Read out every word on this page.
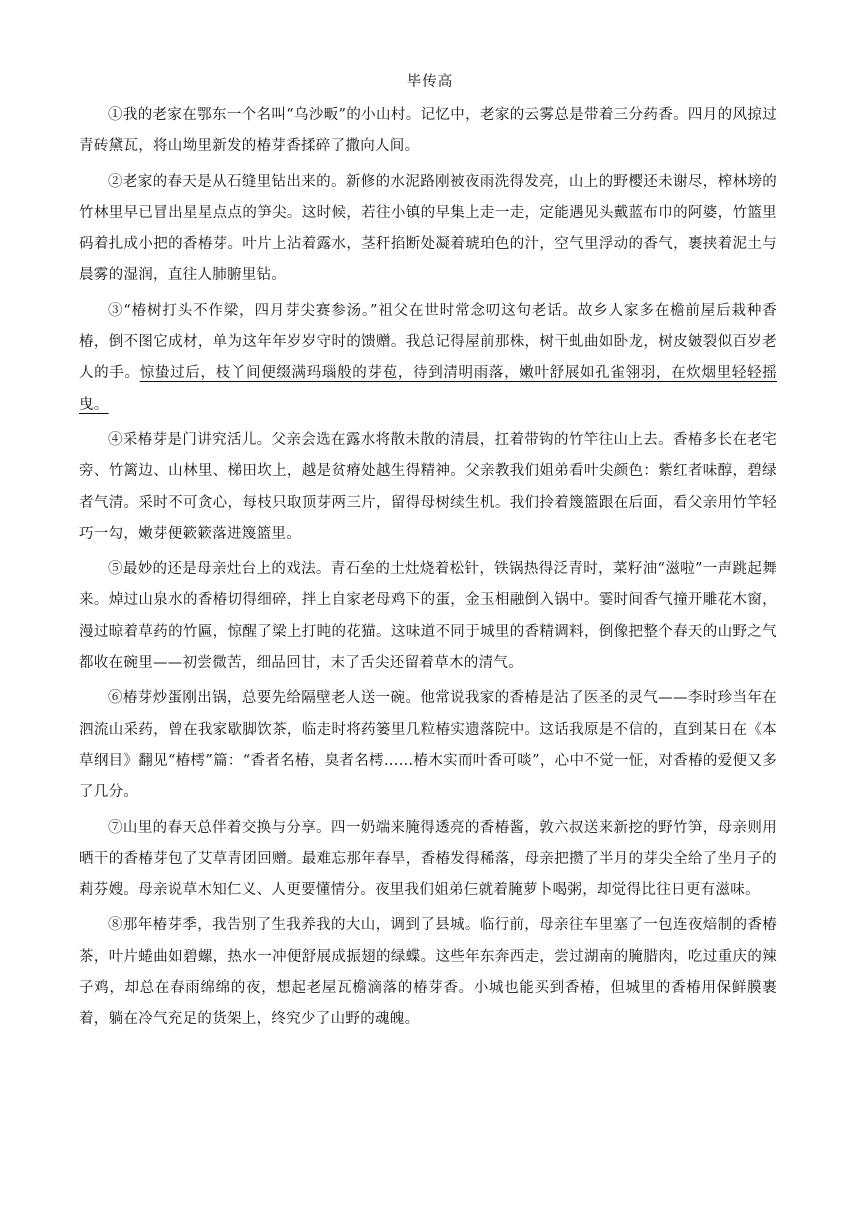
毕传高

①我的老家在鄂东一个名叫“乌沙畈”的小山村。记忆中，老家的云雾总是带着三分药香。四月的风掠过青砖黛瓦，将山坳里新发的椿芽香揉碎了撒向人间。

②老家的春天是从石缝里钻出来的。新修的水泥路刚被夜雨洗得发亮，山上的野樱还未谢尽，榨林塝的竹林里早已冒出星星点点的笋尖。这时候，若往小镇的早集上走一走，定能遇见头戴蓝布巾的阿婆，竹篮里码着扎成小把的香椿芽。叶片上沾着露水，茎秆掐断处凝着琥珀色的汁，空气里浮动的香气，裹挟着泥土与晨雾的湿润，直往人肺腑里钻。

③“椿树打头不作梁，四月芽尖赛参汤。”祖父在世时常念叨这句老话。故乡人家多在檐前屋后栽种香椿，倒不图它成材，单为这年年岁岁守时的馈赠。我总记得屋前那株，树干虬曲如卧龙，树皮皴裂似百岁老人的手。惊蛰过后，枝丫间便缀满玛瑙般的芽苞，待到清明雨落，嫩叶舒展如孔雀翎羽，在炊烟里轻轻摇曳。

④采椿芽是门讲究活儿。父亲会选在露水将散未散的清晨，扛着带钩的竹竿往山上去。香椿多长在老宅旁、竹篱边、山林里、梯田坎上，越是贫瘠处越生得精神。父亲教我们姐弟看叶尖颜色：紫红者味醇，碧绿者气清。采时不可贪心，每枝只取顶芽两三片，留得母树续生机。我们拎着篾篮跟在后面，看父亲用竹竿轻巧一勾，嫩芽便簌簌落进篾篮里。

⑤最妙的还是母亲灶台上的戏法。青石垒的土灶烧着松针，铁锅热得泛青时，菜籽油“滋啦”一声跳起舞来。焯过山泉水的香椿切得细碎，拌上自家老母鸡下的蛋，金玉相融倒入锅中。霎时间香气撞开雕花木窗，漫过晾着草药的竹匾，惊醒了梁上打盹的花猫。这味道不同于城里的香精调料，倒像把整个春天的山野之气都收在碗里——初尝微苦，细品回甘，末了舌尖还留着草木的清气。

⑥椿芽炒蛋刚出锅，总要先给隔壁老人送一碗。他常说我家的香椿是沾了医圣的灵气——李时珍当年在泗流山采药，曾在我家歇脚饮茶，临走时将药篓里几粒椿实遗落院中。这话我原是不信的，直到某日在《本草纲目》翻见“椿樗”篇：“香者名椿，臭者名樗……椿木实而叶香可啖”，心中不觉一怔，对香椿的爱便又多了几分。

⑦山里的春天总伴着交换与分享。四一奶端来腌得透亮的香椿酱，敦六叔送来新挖的野竹笋，母亲则用晒干的香椿芽包了艾草青团回赠。最难忘那年春旱，香椿发得稀落，母亲把攒了半月的芽尖全给了坐月子的莉芬嫂。母亲说草木知仁义、人更要懂情分。夜里我们姐弟仨就着腌萝卜喝粥，却觉得比往日更有滋味。

⑧那年椿芽季，我告别了生我养我的大山，调到了县城。临行前，母亲往车里塞了一包连夜焙制的香椿茶，叶片蜷曲如碧螺，热水一冲便舒展成振翅的绿蝶。这些年东奔西走，尝过湖南的腌腊肉，吃过重庆的辣子鸡，却总在春雨绵绵的夜，想起老屋瓦檐滴落的椿芽香。小城也能买到香椿，但城里的香椿用保鲜膜裹着，躺在冷气充足的货架上，终究少了山野的魂魄。
